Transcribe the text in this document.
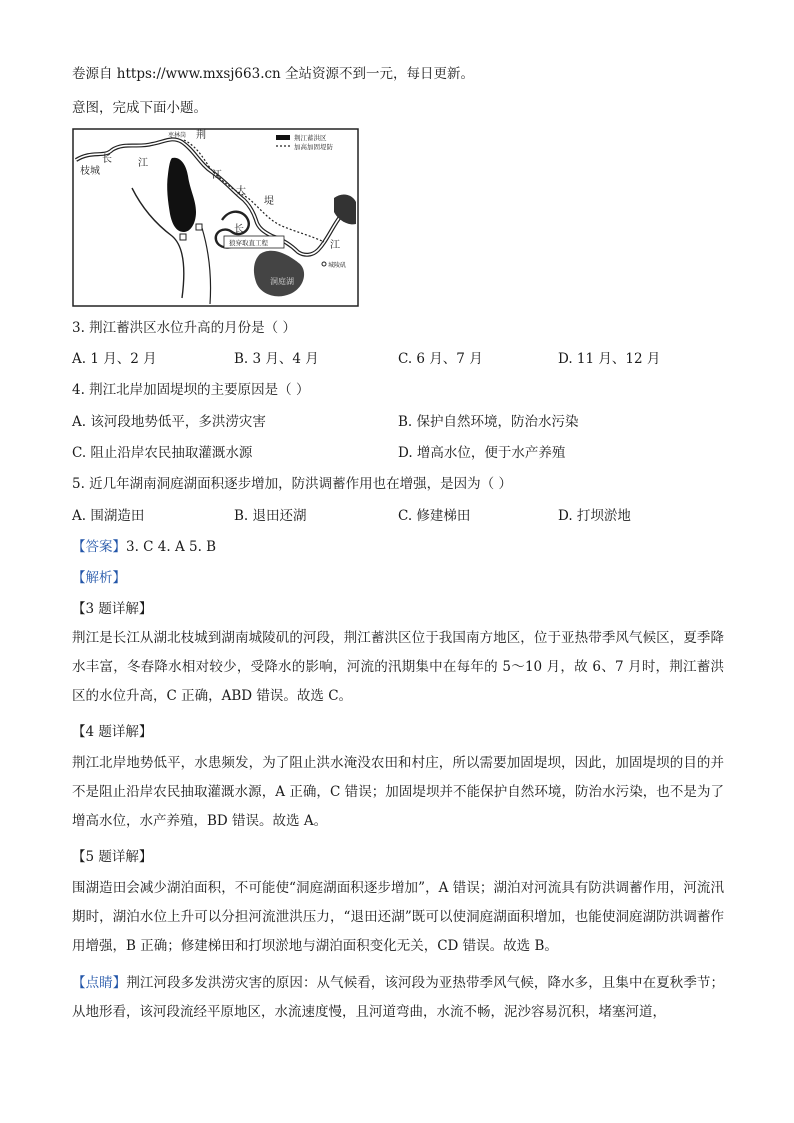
卷源自 https://www.mxsj663.cn 全站资源不到一元，每日更新。
意图，完成下面小题。
荆江蓄洪区
加高加固堤防
枣林岗 荆
长	江
枝城	江
大
堤
长
江
狼穿取直工程
城陵矶
洞庭湖
3. 荆江蓄洪区水位升高的月份是（ ）
A. 1 月、2 月	B. 3 月、4 月	C. 6 月、7 月	D. 11 月、12 月
4. 荆江北岸加固堤坝的主要原因是（ ）
A. 该河段地势低平，多洪涝灾害	B. 保护自然环境，防治水污染
C. 阻止沿岸农民抽取灌溉水源	D. 增高水位，便于水产养殖
5. 近几年湖南洞庭湖面积逐步增加，防洪调蓄作用也在增强，是因为（ ）
A. 围湖造田	B. 退田还湖	C. 修建梯田	D. 打坝淤地
【答案】3. C 4. A 5. B
【解析】
【3 题详解】
荆江是长江从湖北枝城到湖南城陵矶的河段，荆江蓄洪区位于我国南方地区，位于亚热带季风气候区，夏季降水丰富，冬春降水相对较少，受降水的影响，河流的汛期集中在每年的 5～10 月，故 6、7 月时，荆江蓄洪区的水位升高，C 正确，ABD 错误。故选 C。
【4 题详解】
荆江北岸地势低平，水患频发，为了阻止洪水淹没农田和村庄，所以需要加固堤坝，因此，加固堤坝的目的并不是阻止沿岸农民抽取灌溉水源，A 正确，C 错误；加固堤坝并不能保护自然环境，防治水污染，也不是为了增高水位，水产养殖，BD 错误。故选 A。
【5 题详解】
围湖造田会减少湖泊面积，不可能使“洞庭湖面积逐步增加”，A 错误；湖泊对河流具有防洪调蓄作用，河流汛期时，湖泊水位上升可以分担河流泄洪压力，“退田还湖”既可以使洞庭湖面积增加，也能使洞庭湖防洪调蓄作用增强，B 正确；修建梯田和打坝淤地与湖泊面积变化无关，CD 错误。故选 B。
【点睛】荆江河段多发洪涝灾害的原因：从气候看，该河段为亚热带季风气候，降水多，且集中在夏秋季节；从地形看，该河段流经平原地区，水流速度慢，且河道弯曲，水流不畅，泥沙容易沉积，堵塞河道，
